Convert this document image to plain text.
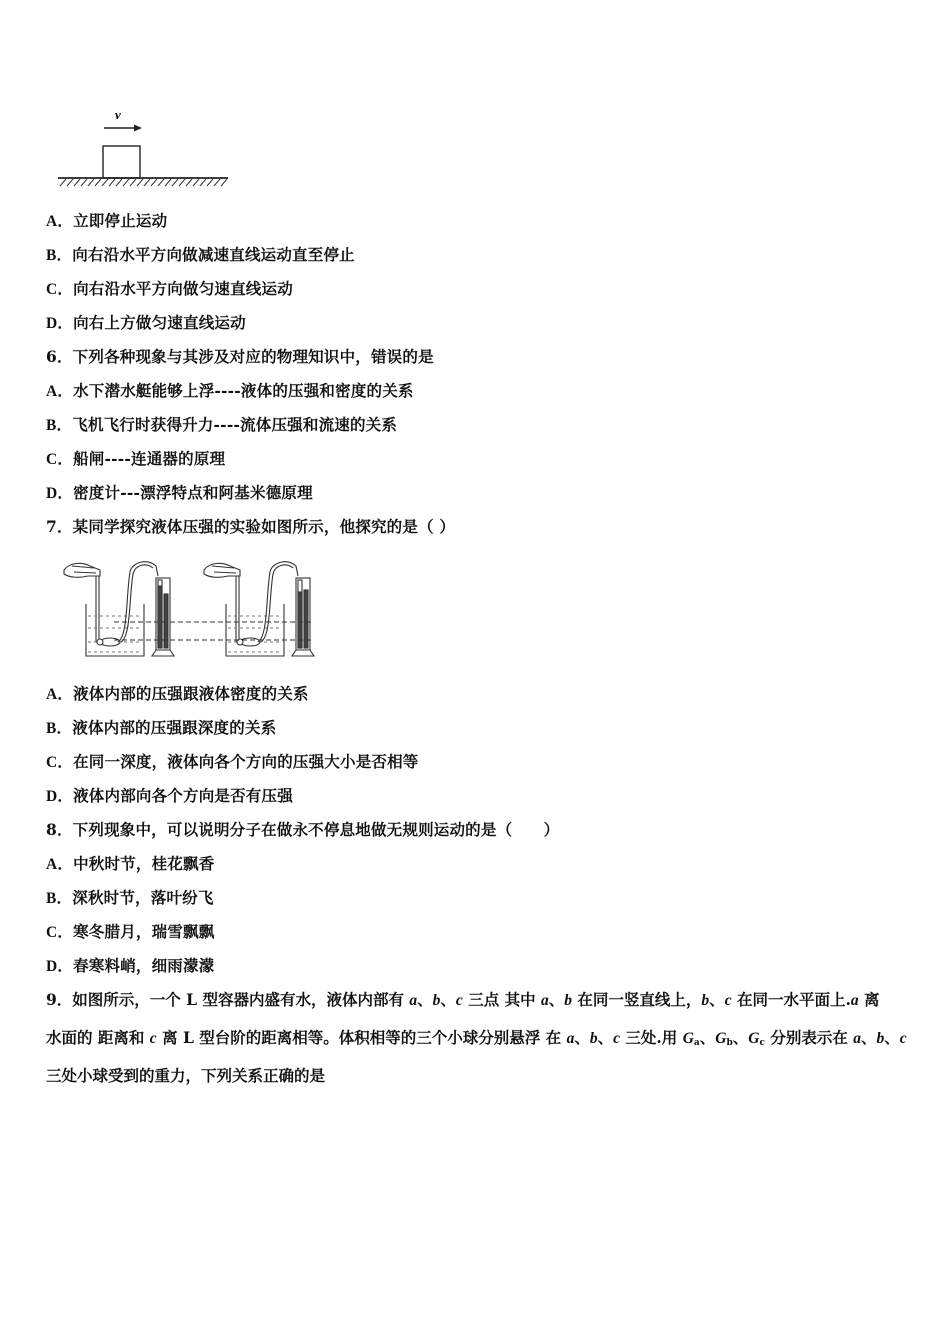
v
A．立即停止运动
B．向右沿水平方向做减速直线运动直至停止
C．向右沿水平方向做匀速直线运动
D．向右上方做匀速直线运动
6．下列各种现象与其涉及对应的物理知识中，错误的是
A．水下潜水艇能够上浮----液体的压强和密度的关系
B．飞机飞行时获得升力----流体压强和流速的关系
C．船闸----连通器的原理
D．密度计---漂浮特点和阿基米德原理
7．某同学探究液体压强的实验如图所示，他探究的是（ ）
A．液体内部的压强跟液体密度的关系
B．液体内部的压强跟深度的关系
C．在同一深度，液体向各个方向的压强大小是否相等
D．液体内部向各个方向是否有压强
8．下列现象中，可以说明分子在做永不停息地做无规则运动的是（　　）
A．中秋时节，桂花飘香
B．深秋时节，落叶纷飞
C．寒冬腊月，瑞雪飘飘
D．春寒料峭，细雨濛濛
9．如图所示，一个 L 型容器内盛有水，液体内部有 a、b、c 三点 其中 a、b 在同一竖直线上，b、c 在同一水平面上.a 离
水面的 距离和 c 离 L 型台阶的距离相等。体积相等的三个小球分别悬浮 在 a、b、c 三处.用 $G_a$、$G_b$、$G_c$ 分别表示在 a、b、c
三处小球受到的重力，下列关系正确的是
